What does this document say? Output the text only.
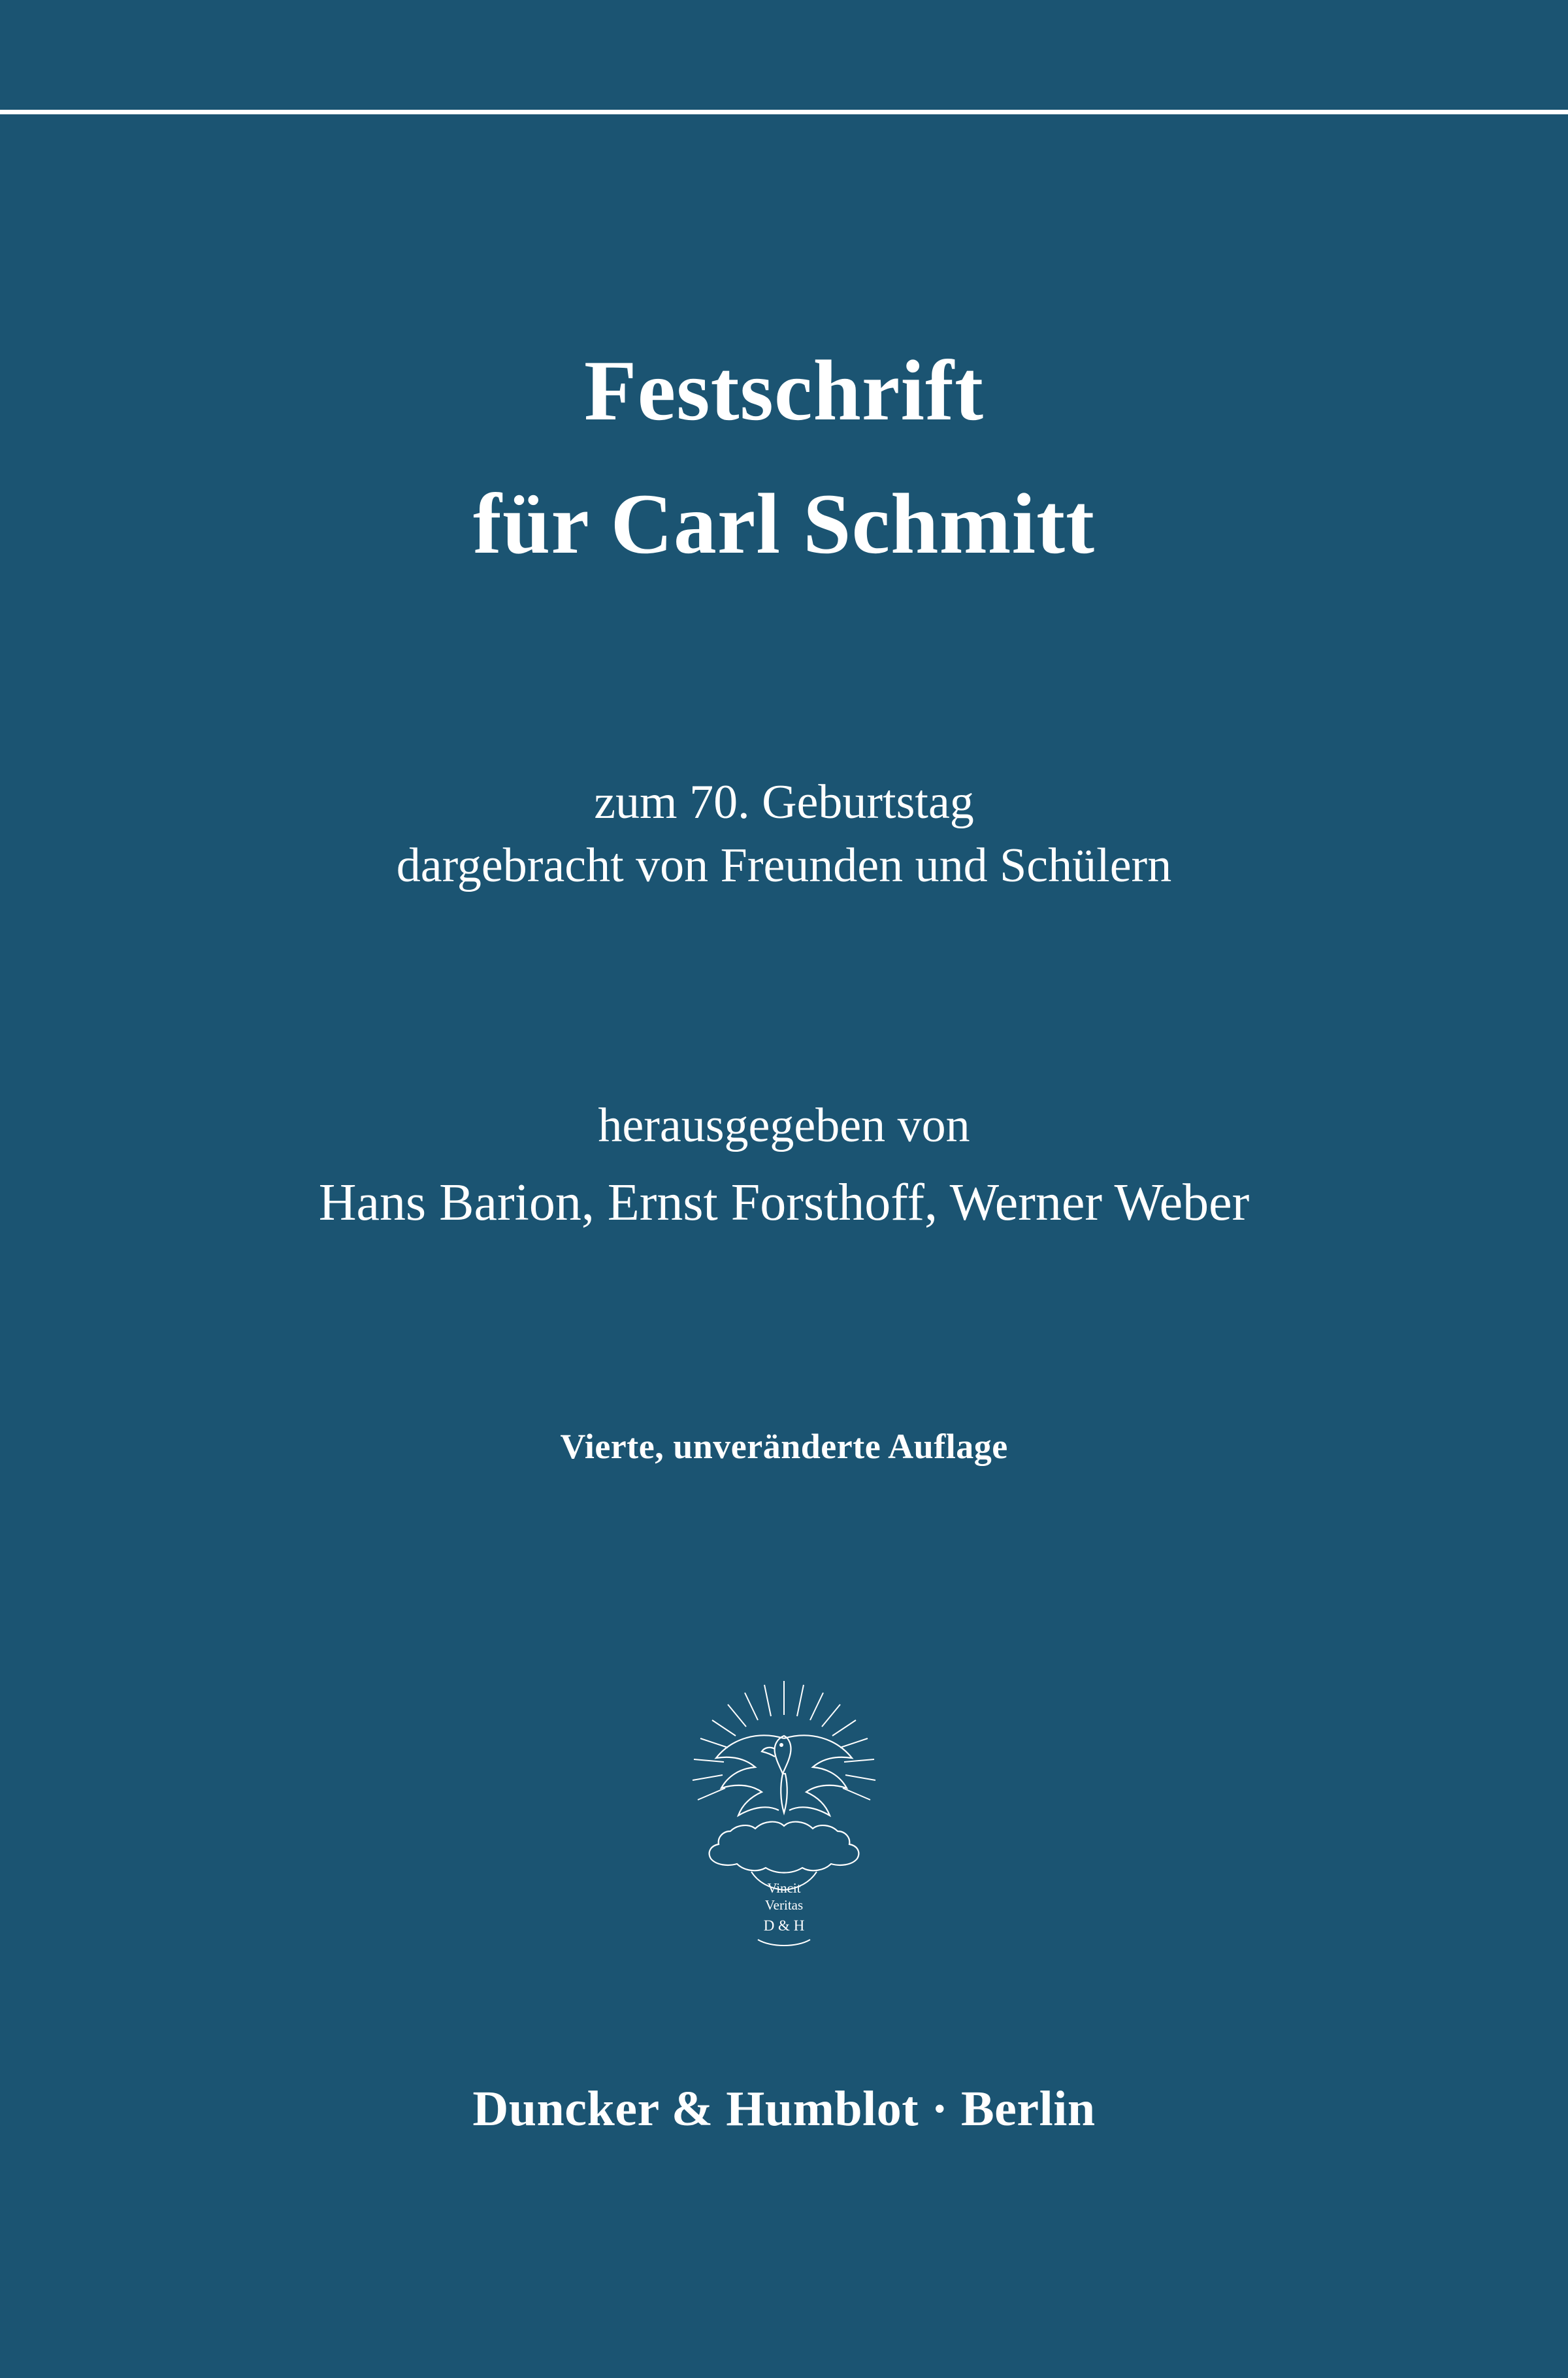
Festschrift
für Carl Schmitt

zum 70. Geburtstag

dargebracht von Freunden und Schülern

herausgegeben von

Hans Barion, Ernst Forsthoff, Werner Weber

Vierte, unveränderte Auflage

Vincit
Veritas
D & H

Duncker & Humblot · Berlin
